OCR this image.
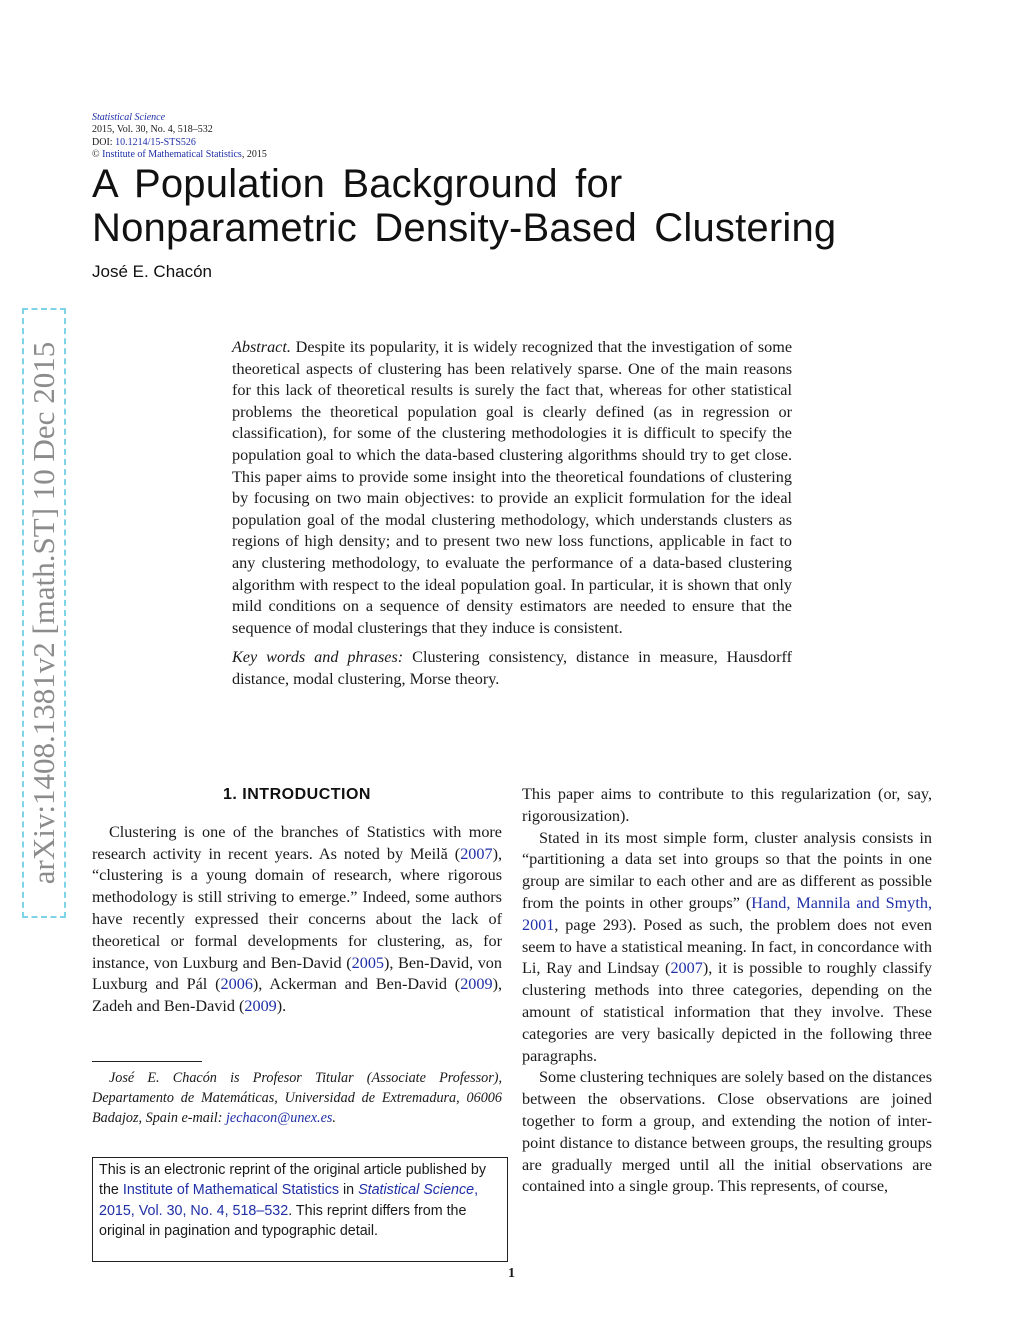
Statistical Science
2015, Vol. 30, No. 4, 518–532
DOI: 10.1214/15-STS526
© Institute of Mathematical Statistics, 2015
A Population Background for
Nonparametric Density-Based Clustering
José E. Chacón
arXiv:1408.1381v2 [math.ST] 10 Dec 2015	Abstract. Despite its popularity, it is widely recognized that the investigation of some theoretical aspects of clustering has been relatively sparse. One of the main reasons for this lack of theoretical results is surely the fact that, whereas for other statistical problems the theoretical population goal is clearly defined (as in regression or classification), for some of the clustering methodologies it is difficult to specify the population goal to which the data-based clustering algorithms should try to get close. This paper aims to provide some insight into the theoretical foundations of clustering by focusing on two main objectives: to provide an explicit formulation for the ideal population goal of the modal clustering methodology, which understands clusters as regions of high density; and to present two new loss functions, applicable in fact to any clustering methodology, to evaluate the performance of a data-based clustering algorithm with respect to the ideal population goal. In particular, it is shown that only mild conditions on a sequence of density estimators are needed to ensure that the sequence of modal clusterings that they induce is consistent.

Key words and phrases: Clustering consistency, distance in measure, Hausdorff distance, modal clustering, Morse theory.

1. INTRODUCTION

Clustering is one of the branches of Statistics with more research activity in recent years. As noted by Meilă (2007), “clustering is a young domain of research, where rigorous methodology is still striving to emerge.” Indeed, some authors have recently expressed their concerns about the lack of theoretical or formal developments for clustering, as, for instance, von Luxburg and Ben-David (2005), Ben-David, von Luxburg and Pál (2006), Ackerman and Ben-David (2009), Zadeh and Ben-David (2009).

This paper aims to contribute to this regularization (or, say, rigorousization).

Stated in its most simple form, cluster analysis consists in “partitioning a data set into groups so that the points in one group are similar to each other and are as different as possible from the points in other groups” (Hand, Mannila and Smyth, 2001, page 293). Posed as such, the problem does not even seem to have a statistical meaning. In fact, in concordance with Li, Ray and Lindsay (2007), it is possible to roughly classify clustering methods into three categories, depending on the amount of statistical information that they involve. These categories are very basically depicted in the following three paragraphs.

Some clustering techniques are solely based on the distances between the observations. Close observations are joined together to form a group, and extending the notion of inter-point distance to distance between groups, the resulting groups are gradually merged until all the initial observations are contained into a single group. This represents, of course,

José E. Chacón is Profesor Titular (Associate Professor), Departamento de Matemáticas, Universidad de Extremadura, 06006 Badajoz, Spain e-mail: jechacon@unex.es.
This is an electronic reprint of the original article published by the Institute of Mathematical Statistics in Statistical Science, 2015, Vol. 30, No. 4, 518–532. This reprint differs from the original in pagination and typographic detail.
1
